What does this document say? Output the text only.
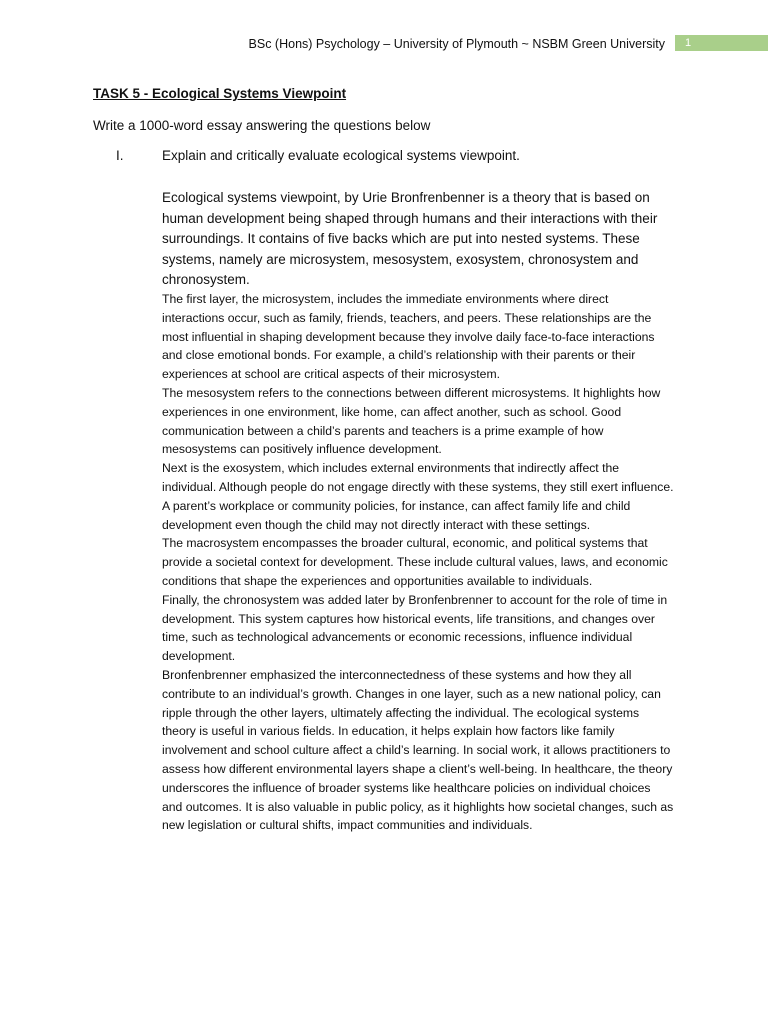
BSc (Hons) Psychology – University of Plymouth ~ NSBM Green University	1
TASK 5 - Ecological Systems Viewpoint
Write a 1000-word essay answering the questions below
I.	Explain and critically evaluate ecological systems viewpoint.

Ecological systems viewpoint, by Urie Bronfrenbenner is a theory that is based on human development being shaped through humans and their interactions with their surroundings. It contains of five backs which are put into nested systems. These systems, namely are microsystem, mesosystem, exosystem, chronosystem and chronosystem.

The first layer, the microsystem, includes the immediate environments where direct interactions occur, such as family, friends, teachers, and peers. These relationships are the most influential in shaping development because they involve daily face-to-face interactions and close emotional bonds. For example, a child’s relationship with their parents or their experiences at school are critical aspects of their microsystem.

The mesosystem refers to the connections between different microsystems. It highlights how experiences in one environment, like home, can affect another, such as school. Good communication between a child’s parents and teachers is a prime example of how mesosystems can positively influence development.

Next is the exosystem, which includes external environments that indirectly affect the individual. Although people do not engage directly with these systems, they still exert influence. A parent’s workplace or community policies, for instance, can affect family life and child development even though the child may not directly interact with these settings.

The macrosystem encompasses the broader cultural, economic, and political systems that provide a societal context for development. These include cultural values, laws, and economic conditions that shape the experiences and opportunities available to individuals.

Finally, the chronosystem was added later by Bronfenbrenner to account for the role of time in development. This system captures how historical events, life transitions, and changes over time, such as technological advancements or economic recessions, influence individual development.

Bronfenbrenner emphasized the interconnectedness of these systems and how they all contribute to an individual’s growth. Changes in one layer, such as a new national policy, can ripple through the other layers, ultimately affecting the individual. The ecological systems theory is useful in various fields. In education, it helps explain how factors like family involvement and school culture affect a child’s learning. In social work, it allows practitioners to assess how different environmental layers shape a client’s well-being. In healthcare, the theory underscores the influence of broader systems like healthcare policies on individual choices and outcomes. It is also valuable in public policy, as it highlights how societal changes, such as new legislation or cultural shifts, impact communities and individuals.
